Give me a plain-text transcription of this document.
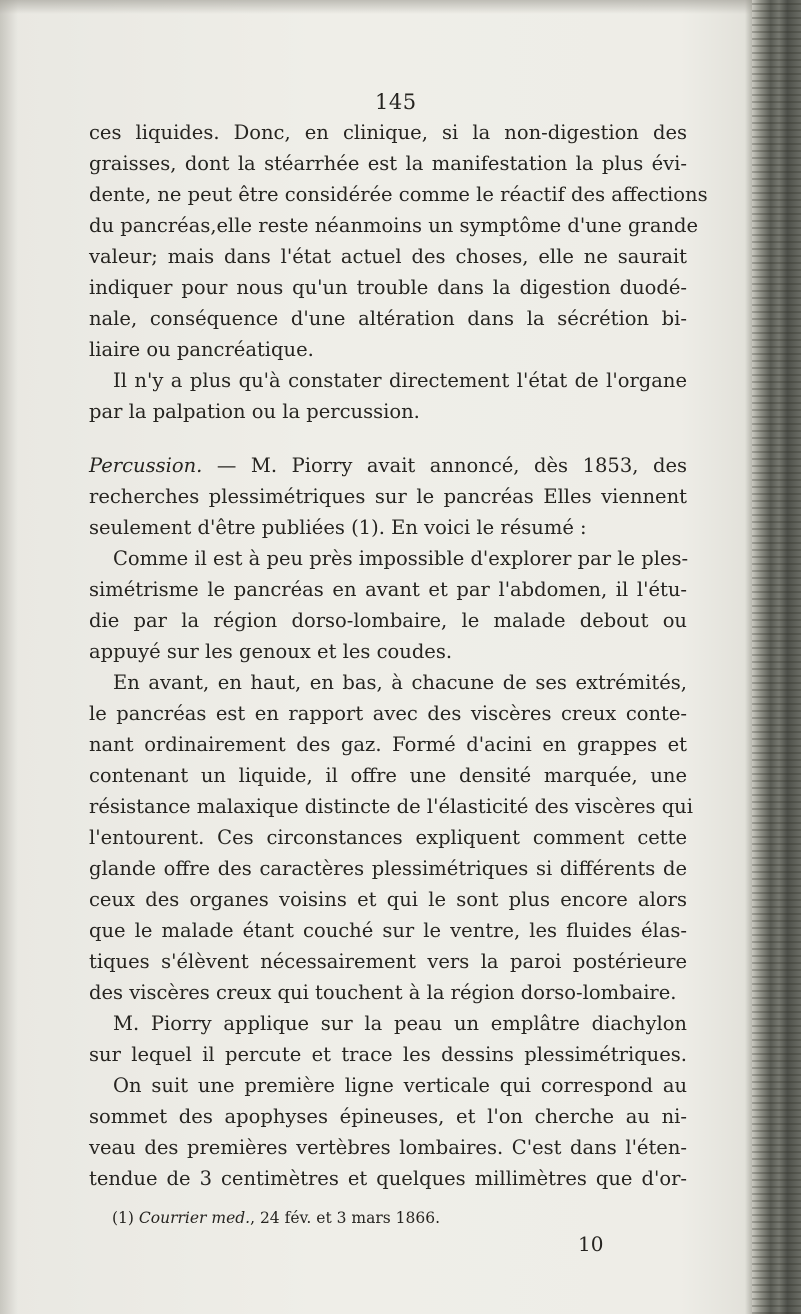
145
ces liquides. Donc, en clinique, si la non-digestion des
graisses, dont la stéarrhée est la manifestation la plus évi-
dente, ne peut être considérée comme le réactif des affections
du pancréas,elle reste néanmoins un symptôme d'une grande
valeur; mais dans l'état actuel des choses, elle ne saurait
indiquer pour nous qu'un trouble dans la digestion duodé-
nale, conséquence d'une altération dans la sécrétion bi-
liaire ou pancréatique.
Il n'y a plus qu'à constater directement l'état de l'organe
par la palpation ou la percussion.
Percussion. — M. Piorry avait annoncé, dès 1853, des
recherches plessimétriques sur le pancréas Elles viennent
seulement d'être publiées (1). En voici le résumé :
Comme il est à peu près impossible d'explorer par le ples-
simétrisme le pancréas en avant et par l'abdomen, il l'étu-
die par la région dorso-lombaire, le malade debout ou
appuyé sur les genoux et les coudes.
En avant, en haut, en bas, à chacune de ses extrémités,
le pancréas est en rapport avec des viscères creux conte-
nant ordinairement des gaz. Formé d'acini en grappes et
contenant un liquide, il offre une densité marquée, une
résistance malaxique distincte de l'élasticité des viscères qui
l'entourent. Ces circonstances expliquent comment cette
glande offre des caractères plessimétriques si différents de
ceux des organes voisins et qui le sont plus encore alors
que le malade étant couché sur le ventre, les fluides élas-
tiques s'élèvent nécessairement vers la paroi postérieure
des viscères creux qui touchent à la région dorso-lombaire.
M. Piorry applique sur la peau un emplâtre diachylon
sur lequel il percute et trace les dessins plessimétriques.
On suit une première ligne verticale qui correspond au
sommet des apophyses épineuses, et l'on cherche au ni-
veau des premières vertèbres lombaires. C'est dans l'éten-
tendue de 3 centimètres et quelques millimètres que d'or-
(1) Courrier med., 24 fév. et 3 mars 1866.
10
